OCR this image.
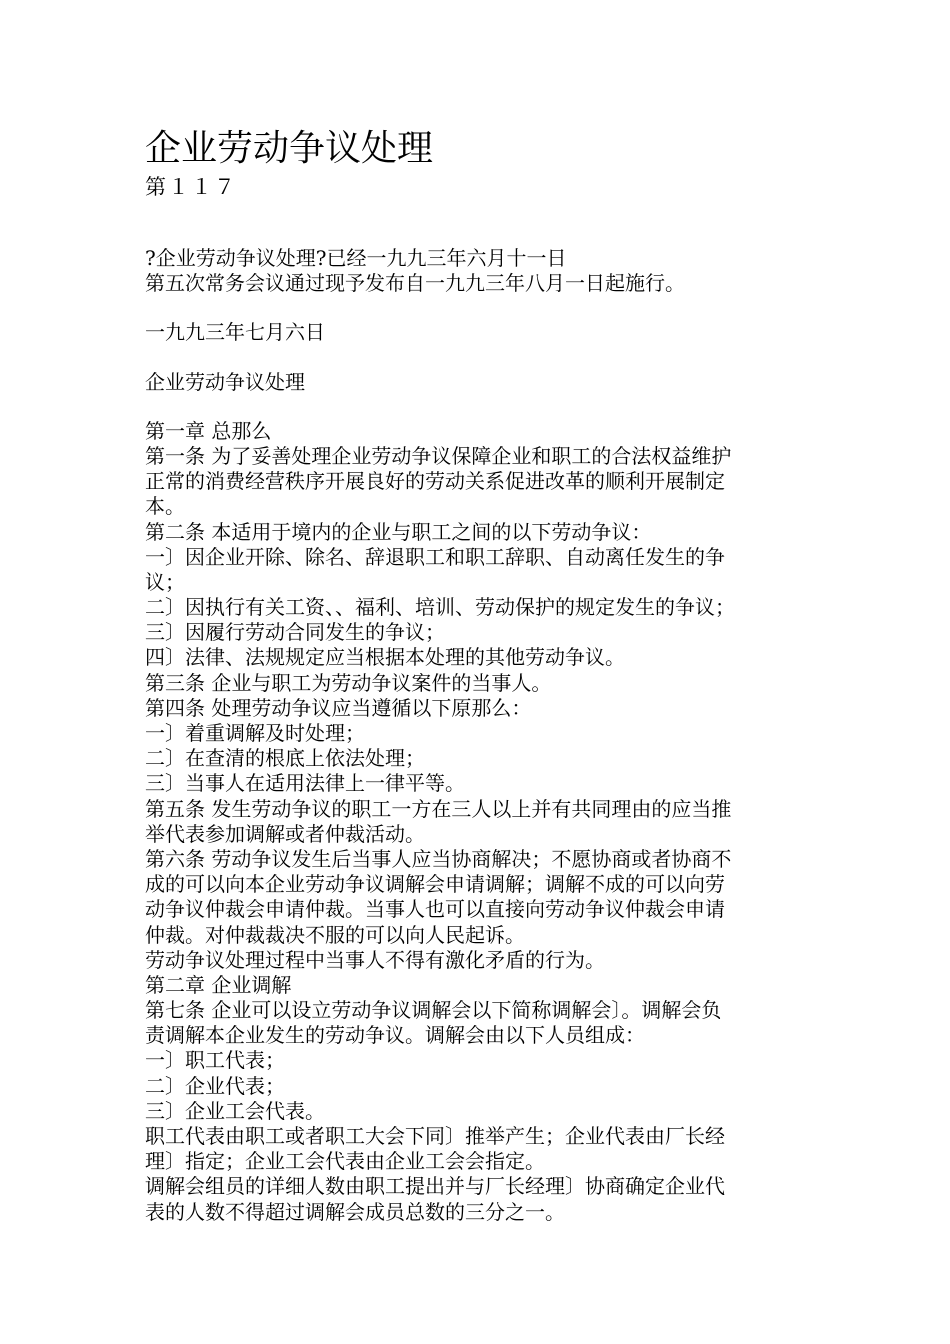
企业劳动争议处理
第１１７
?企业劳动争议处理?已经一九九三年六月十一日
第五次常务会议通过现予发布自一九九三年八月一日起施行。
一九九三年七月六日
企业劳动争议处理
第一章 总那么
第一条 为了妥善处理企业劳动争议保障企业和职工的合法权益维护
正常的消费经营秩序开展良好的劳动关系促进改革的顺利开展制定
本。
第二条 本适用于境内的企业与职工之间的以下劳动争议：
一〕因企业开除、除名、辞退职工和职工辞职、自动离任发生的争
议；
二〕因执行有关工资、、福利、培训、劳动保护的规定发生的争议；
三〕因履行劳动合同发生的争议；
四〕法律、法规规定应当根据本处理的其他劳动争议。
第三条 企业与职工为劳动争议案件的当事人。
第四条 处理劳动争议应当遵循以下原那么：
一〕着重调解及时处理；
二〕在查清的根底上依法处理；
三〕当事人在适用法律上一律平等。
第五条 发生劳动争议的职工一方在三人以上并有共同理由的应当推
举代表参加调解或者仲裁活动。
第六条 劳动争议发生后当事人应当协商解决；不愿协商或者协商不
成的可以向本企业劳动争议调解会申请调解；调解不成的可以向劳
动争议仲裁会申请仲裁。当事人也可以直接向劳动争议仲裁会申请
仲裁。对仲裁裁决不服的可以向人民起诉。
劳动争议处理过程中当事人不得有激化矛盾的行为。
第二章 企业调解
第七条 企业可以设立劳动争议调解会以下简称调解会〕。调解会负
责调解本企业发生的劳动争议。调解会由以下人员组成：
一〕职工代表；
二〕企业代表；
三〕企业工会代表。
职工代表由职工或者职工大会下同〕推举产生；企业代表由厂长经
理〕指定；企业工会代表由企业工会会指定。
调解会组员的详细人数由职工提出并与厂长经理〕协商确定企业代
表的人数不得超过调解会成员总数的三分之一。
